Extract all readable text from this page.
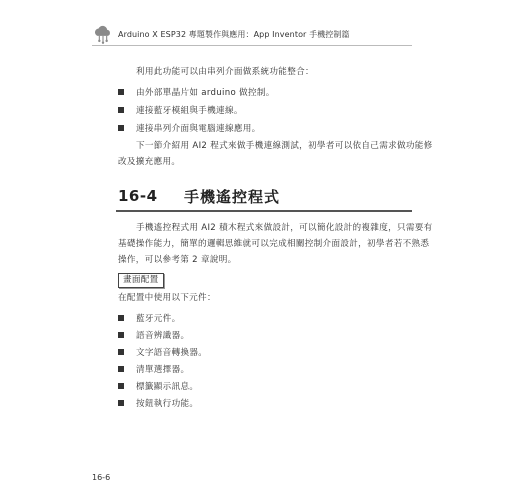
Arduino X ESP32 專題製作與應用：App Inventor 手機控制篇
利用此功能可以由串列介面做系統功能整合：
由外部單晶片如 arduino 做控制。
連接藍牙模組與手機連線。
連接串列介面與電腦連線應用。
下一節介紹用 AI2 程式來做手機連線測試，初學者可以依自己需求做功能修
改及擴充應用。
16-4 手機遙控程式
手機遙控程式用 AI2 積木程式來做設計，可以簡化設計的複雜度，只需要有
基礎操作能力，簡單的邏輯思維就可以完成相關控制介面設計，初學者若不熟悉
操作，可以參考第 2 章說明。
畫面配置
在配置中使用以下元件：
藍牙元件。
語音辨識器。
文字語音轉換器。
清單選擇器。
標籤顯示訊息。
按鈕執行功能。
16-6
